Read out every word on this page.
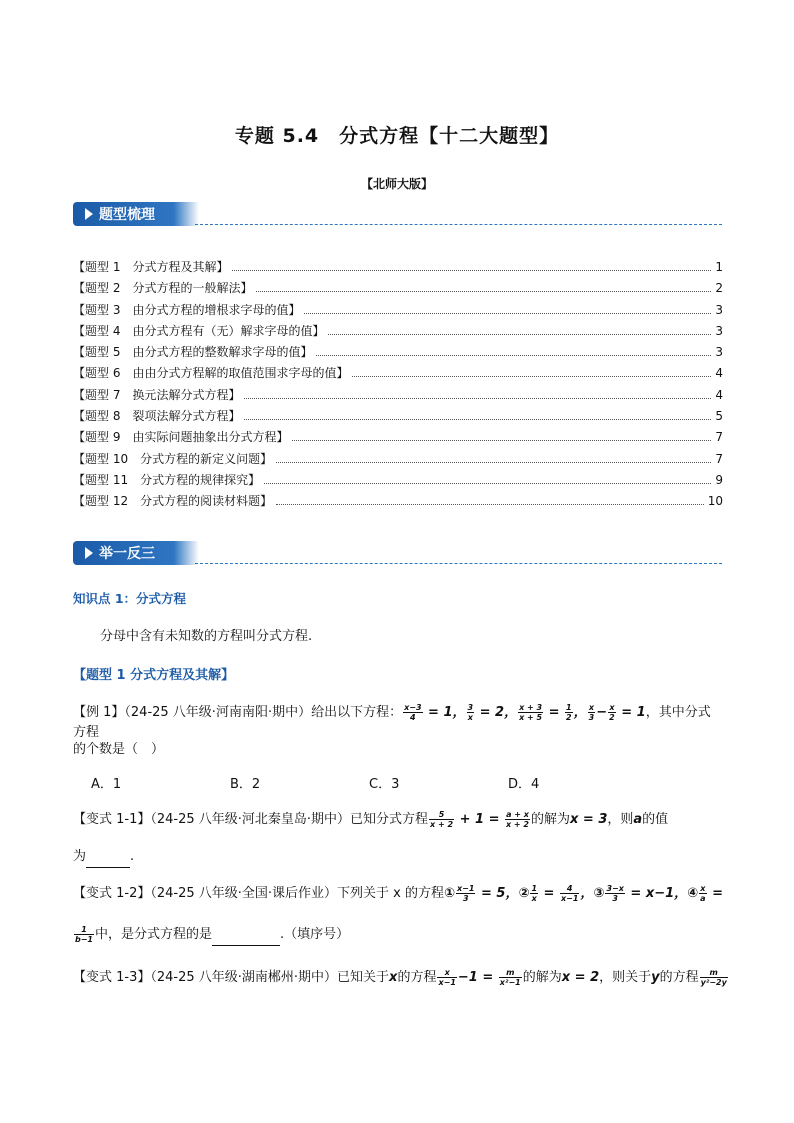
专题 5.4　分式方程【十二大题型】
【北师大版】
题型梳理
【题型 1　分式方程及其解】	1
【题型 2　分式方程的一般解法】	2
【题型 3　由分式方程的增根求字母的值】	3
【题型 4　由分式方程有（无）解求字母的值】	3
【题型 5　由分式方程的整数解求字母的值】	3
【题型 6　由由分式方程解的取值范围求字母的值】	4
【题型 7　换元法解分式方程】	4
【题型 8　裂项法解分式方程】	5
【题型 9　由实际问题抽象出分式方程】	7
【题型 10　分式方程的新定义问题】	7
【题型 11　分式方程的规律探究】	9
【题型 12　分式方程的阅读材料题】	10
举一反三
知识点 1：分式方程
分母中含有未知数的方程叫分式方程.
【题型 1 分式方程及其解】
【例 1】（24-25 八年级·河南南阳·期中）给出以下方程： $\frac{x-3}{4} = 1$， $\frac{3}{x} = 2$， $\frac{x + 3}{x + 5} = \frac{1}{2}$ ， $\frac{x}{3} - \frac{x}{2} = 1$，其中分式方程
的个数是（　）
A．1	B．2	C．3	D．4
【变式 1-1】（24-25 八年级·河北秦皇岛·期中）已知分式方程 $\frac{5}{x + 2} + 1 = \frac{a + x}{x + 2}$ 的解为x = 3，则a的值
为	.
【变式 1-2】（24-25 八年级·全国·课后作业）下列关于 x 的方程① $\frac{x-1}{3} = 5$，② $\frac{1}{x} = \frac{4}{x-1}$ ，③ $\frac{3-x}{3} = x-1$，④ $\frac{x}{a}$ =
$\frac{1}{b-1}$ 中，是分式方程的是	.（填序号）
【变式 1-3】（24-25 八年级·湖南郴州·期中）已知关于x的方程 $\frac{x}{x-1} -1 = \frac{m}{\text{x²−1}}$ 的解为x = 2，则关于y的方程 $\frac{m}{\text{y²−2y}}$
